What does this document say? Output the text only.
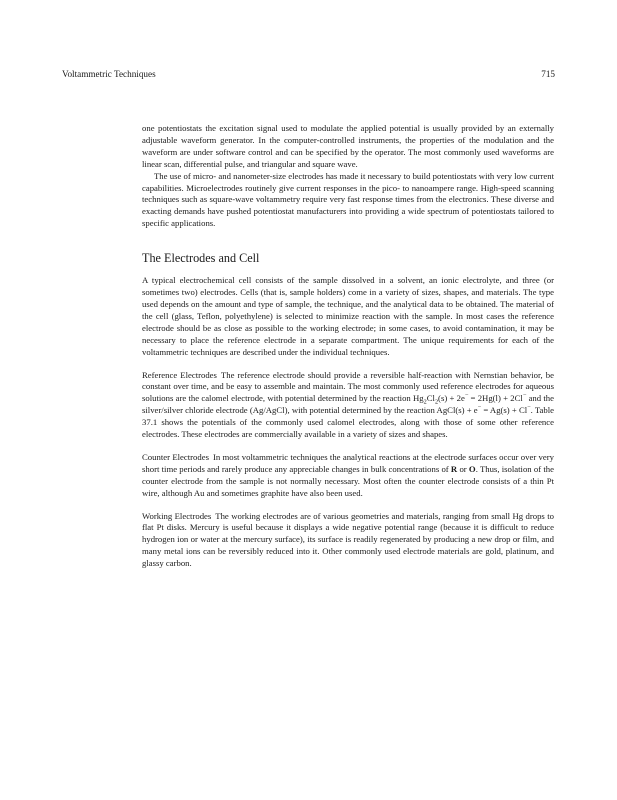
Voltammetric Techniques	715

one potentiostats the excitation signal used to modulate the applied potential is usually provided by an externally adjustable waveform generator. In the computer-controlled instruments, the properties of the modulation and the waveform are under software control and can be specified by the operator. The most commonly used waveforms are linear scan, differential pulse, and triangular and square wave.

The use of micro- and nanometer-size electrodes has made it necessary to build potentiostats with very low current capabilities. Microelectrodes routinely give current responses in the pico- to nanoampere range. High-speed scanning techniques such as square-wave voltammetry require very fast response times from the electronics. These diverse and exacting demands have pushed potentiostat manufacturers into providing a wide spectrum of potentiostats tailored to specific applications.

The Electrodes and Cell

A typical electrochemical cell consists of the sample dissolved in a solvent, an ionic electrolyte, and three (or sometimes two) electrodes. Cells (that is, sample holders) come in a variety of sizes, shapes, and materials. The type used depends on the amount and type of sample, the technique, and the analytical data to be obtained. The material of the cell (glass, Teflon, polyethylene) is selected to minimize reaction with the sample. In most cases the reference electrode should be as close as possible to the working electrode; in some cases, to avoid contamination, it may be necessary to place the reference electrode in a separate compartment. The unique requirements for each of the voltammetric techniques are described under the individual techniques.

Reference Electrodes The reference electrode should provide a reversible half-reaction with Nernstian behavior, be constant over time, and be easy to assemble and maintain. The most commonly used reference electrodes for aqueous solutions are the calomel electrode, with potential determined by the reaction $Hg_2Cl_2(s) + 2e^- = 2Hg(l) + 2Cl^-$ and the silver/silver chloride electrode (Ag/AgCl), with potential determined by the reaction AgCl(s) + e− = Ag(s) + Cl−. Table 37.1 shows the potentials of the commonly used calomel electrodes, along with those of some other reference electrodes. These electrodes are commercially available in a variety of sizes and shapes.

Counter Electrodes In most voltammetric techniques the analytical reactions at the electrode surfaces occur over very short time periods and rarely produce any appreciable changes in bulk concentrations of R or O. Thus, isolation of the counter electrode from the sample is not normally necessary. Most often the counter electrode consists of a thin Pt wire, although Au and sometimes graphite have also been used.

Working Electrodes The working electrodes are of various geometries and materials, ranging from small Hg drops to flat Pt disks. Mercury is useful because it displays a wide negative potential range (because it is difficult to reduce hydrogen ion or water at the mercury surface), its surface is readily regenerated by producing a new drop or film, and many metal ions can be reversibly reduced into it. Other commonly used electrode materials are gold, platinum, and glassy carbon.
